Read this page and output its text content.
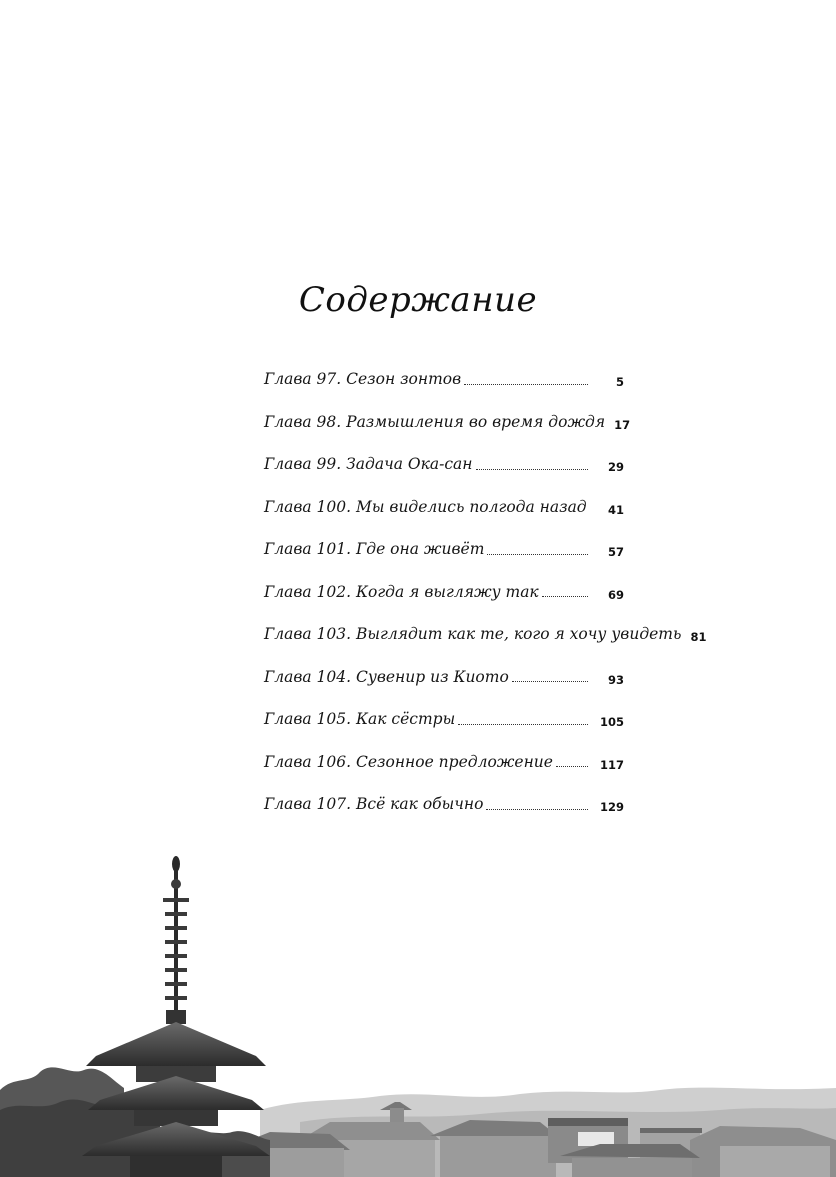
Содержание
Глава 97. Сезон зонтов	5
Глава 98. Размышления во время дождя 17
Глава 99. Задача Ока-сан	29
Глава 100. Мы виделись полгода назад	41
Глава 101. Где она живёт	57
Глава 102. Когда я выгляжу так	69
Глава 103. Выглядит как те, кого я хочу увидеть 81
Глава 104. Сувенир из Киото	93
Глава 105. Как сёстры	105
Глава 106. Сезонное предложение	117
Глава 107. Всё как обычно	129
